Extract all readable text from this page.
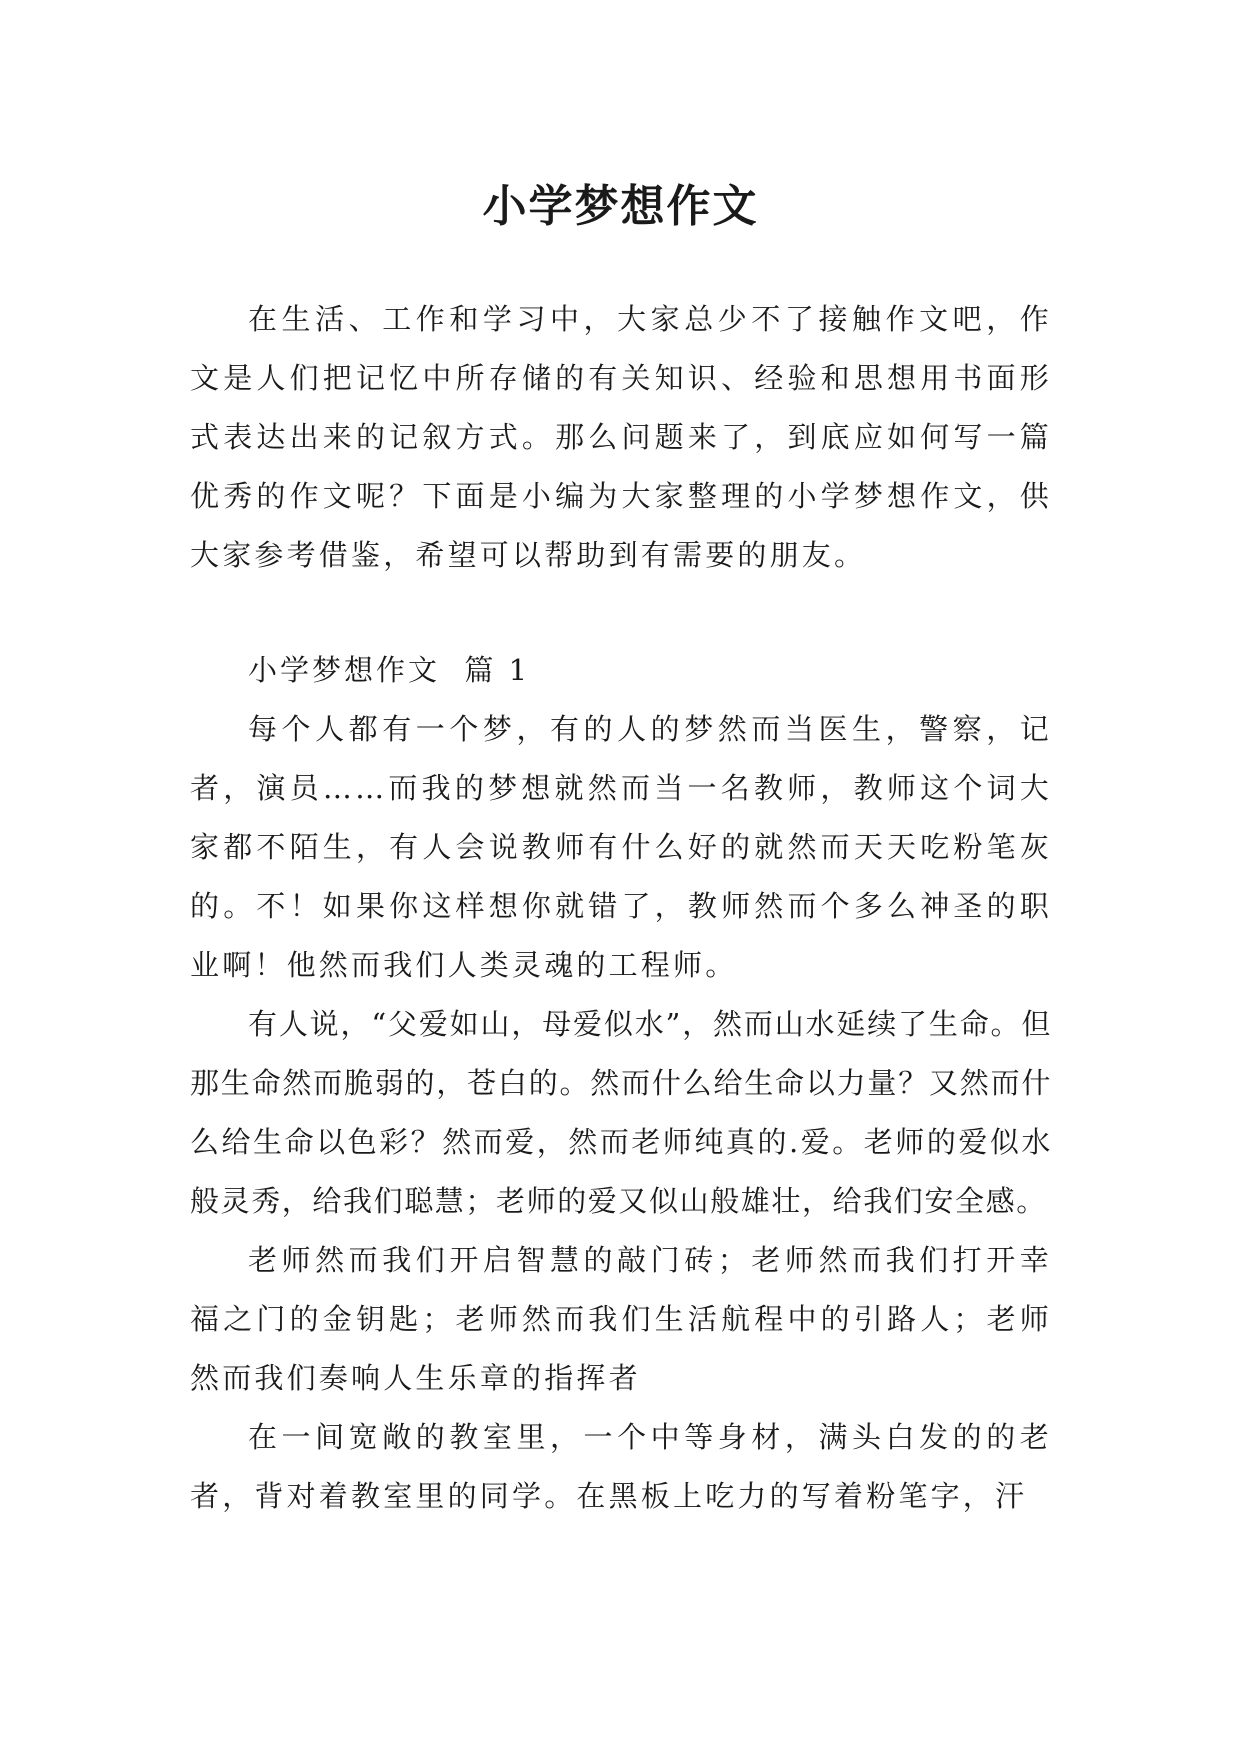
小学梦想作文

在生活、工作和学习中，大家总少不了接触作文吧，作文是人们把记忆中所存储的有关知识、经验和思想用书面形式表达出来的记叙方式。那么问题来了，到底应如何写一篇优秀的作文呢？下面是小编为大家整理的小学梦想作文，供大家参考借鉴，希望可以帮助到有需要的朋友。

小学梦想作文  篇 1

每个人都有一个梦，有的人的梦然而当医生，警察，记者，演员……而我的梦想就然而当一名教师，教师这个词大家都不陌生，有人会说教师有什么好的就然而天天吃粉笔灰的。不！如果你这样想你就错了，教师然而个多么神圣的职业啊！他然而我们人类灵魂的工程师。

有人说，“父爱如山，母爱似水”，然而山水延续了生命。但那生命然而脆弱的，苍白的。然而什么给生命以力量？又然而什么给生命以色彩？然而爱，然而老师纯真的.爱。老师的爱似水般灵秀，给我们聪慧；老师的爱又似山般雄壮，给我们安全感。

老师然而我们开启智慧的敲门砖；老师然而我们打开幸福之门的金钥匙；老师然而我们生活航程中的引路人；老师然而我们奏响人生乐章的指挥者

在一间宽敞的教室里，一个中等身材，满头白发的的老者，背对着教室里的同学。在黑板上吃力的写着粉笔字，汗
